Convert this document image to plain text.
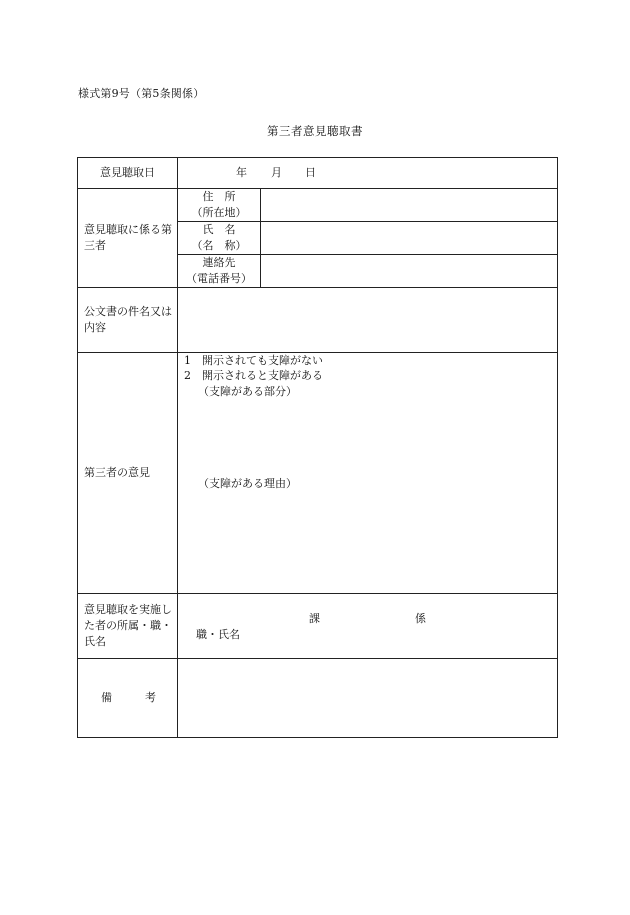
様式第9号（第5条関係）
第三者意見聴取書
意見聴取日	年 月 日	

意見聴取に係る第三者	住　所
（所在地）	

	氏　名
（名　称）	

	連絡先
（電話番号）	

公文書の件名又は内容		
第三者の意見	1　開示されても支障がない
2　開示されると支障がある
（支障がある部分）
（支障がある理由）	

意見聴取を実施した者の所属・職・氏名	課 係
職・氏名	

備　　　考		
